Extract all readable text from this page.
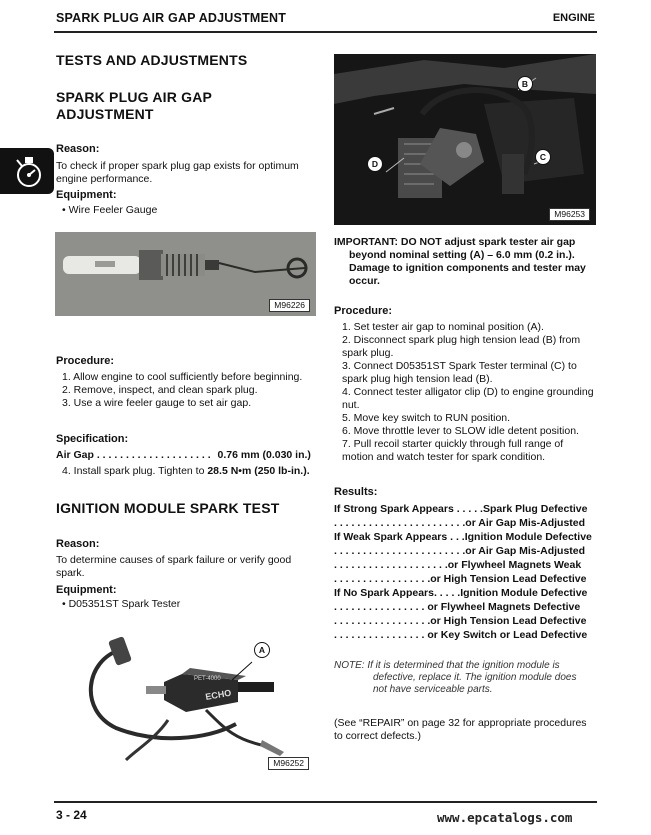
SPARK PLUG AIR GAP ADJUSTMENT	ENGINE
TESTS AND ADJUSTMENTS
SPARK PLUG AIR GAP
ADJUSTMENT
Reason:
To check if proper spark plug gap exists for optimum
engine performance.
Equipment:
• Wire Feeler Gauge
M96226
Procedure:
1. Allow engine to cool sufficiently before beginning.
2. Remove, inspect, and clean spark plug.
3. Use a wire feeler gauge to set air gap.
Specification:
Air Gap . . . . . . . . . . . . . . . . . . . . 0.76 mm (0.030 in.)
4. Install spark plug. Tighten to 28.5 N•m (250 lb-in.).
IGNITION MODULE SPARK TEST
Reason:
To determine causes of spark failure or verify good
spark.
Equipment:
• D05351ST Spark Tester
PET-4000
ECHO
A
M96252
B
C
D
M96253
IMPORTANT: DO NOT adjust spark tester air gap
beyond nominal setting (A) – 6.0 mm (0.2 in.).
Damage to ignition components and tester may
occur.
Procedure:
1. Set tester air gap to nominal position (A).
2. Disconnect spark plug high tension lead (B) from
spark plug.
3. Connect D05351ST Spark Tester terminal (C) to
spark plug high tension lead (B).
4. Connect tester alligator clip (D) to engine grounding
nut.
5. Move key switch to RUN position.
6. Move throttle lever to SLOW idle detent position.
7. Pull recoil starter quickly through full range of
motion and watch tester for spark condition.
Results:
If Strong Spark Appears . . . . .Spark Plug Defective
. . . . . . . . . . . . . . . . . . . . . . .or Air Gap Mis-Adjusted
If Weak Spark Appears . . .Ignition Module Defective
. . . . . . . . . . . . . . . . . . . . . . .or Air Gap Mis-Adjusted
. . . . . . . . . . . . . . . . . . . .or Flywheel Magnets Weak
. . . . . . . . . . . . . . . . .or High Tension Lead Defective
If No Spark Appears. . . . .Ignition Module Defective
. . . . . . . . . . . . . . . . or Flywheel Magnets Defective
. . . . . . . . . . . . . . . . .or High Tension Lead Defective
. . . . . . . . . . . . . . . . or Key Switch or Lead Defective
NOTE: If it is determined that the ignition module is
defective, replace it. The ignition module does
not have serviceable parts.
(See “REPAIR” on page 32 for appropriate procedures
to correct defects.)
3 - 24	www.epcatalogs.com
